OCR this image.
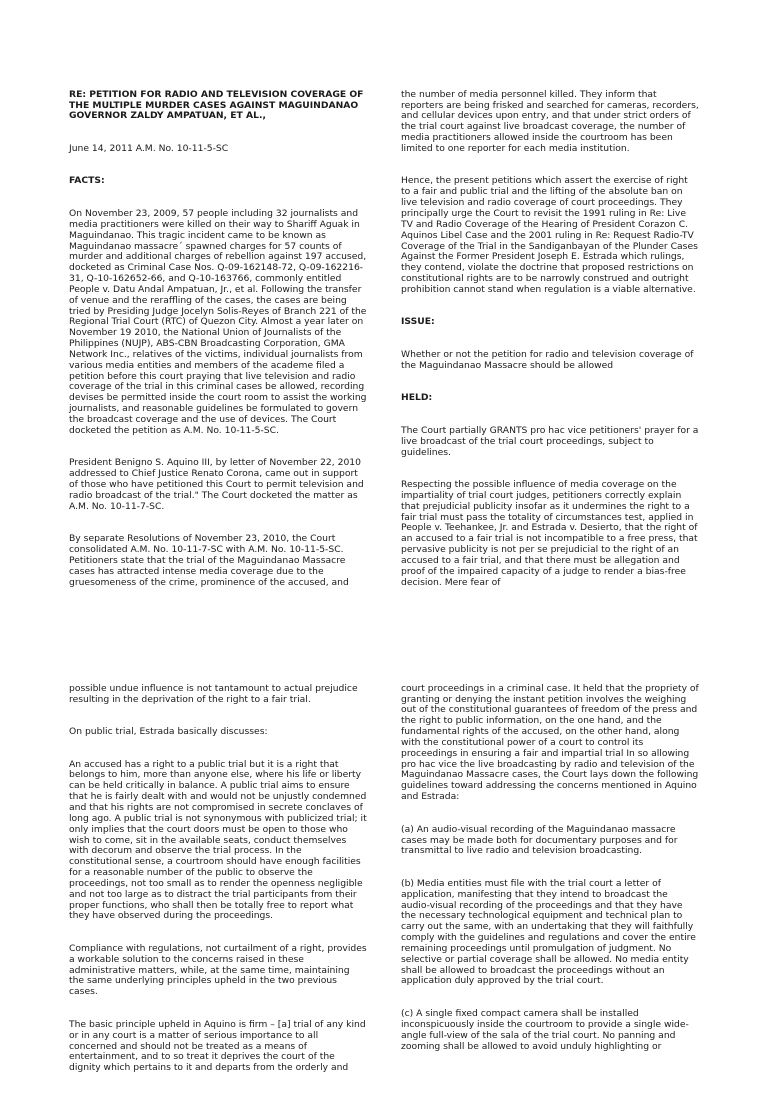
RE: PETITION FOR RADIO AND TELEVISION COVERAGE OF THE MULTIPLE MURDER CASES AGAINST MAGUINDANAO GOVERNOR ZALDY AMPATUAN, ET AL.,

June 14, 2011 A.M. No. 10-11-5-SC

FACTS:

On November 23, 2009, 57 people including 32 journalists and media practitioners were killed on their way to Shariff Aguak in Maguindanao. This tragic incident came to be known as Maguindanao massacre´ spawned charges for 57 counts of murder and additional charges of rebellion against 197 accused, docketed as Criminal Case Nos. Q-09-162148-72, Q-09-162216-31, Q-10-162652-66, and Q-10-163766, commonly entitled People v. Datu Andal Ampatuan, Jr., et al. Following the transfer of venue and the reraffling of the cases, the cases are being tried by Presiding Judge Jocelyn Solis-Reyes of Branch 221 of the Regional Trial Court (RTC) of Quezon City. Almost a year later on November 19 2010, the National Union of Journalists of the Philippines (NUJP), ABS-CBN Broadcasting Corporation, GMA Network Inc., relatives of the victims, individual journalists from various media entities and members of the academe filed a petition before this court praying that live television and radio coverage of the trial in this criminal cases be allowed, recording devises be permitted inside the court room to assist the working journalists, and reasonable guidelines be formulated to govern the broadcast coverage and the use of devices. The Court docketed the petition as A.M. No. 10-11-5-SC.

President Benigno S. Aquino III, by letter of November 22, 2010 addressed to Chief Justice Renato Corona, came out in support of those who have petitioned this Court to permit television and radio broadcast of the trial." The Court docketed the matter as A.M. No. 10-11-7-SC.

By separate Resolutions of November 23, 2010, the Court consolidated A.M. No. 10-11-7-SC with A.M. No. 10-11-5-SC. Petitioners state that the trial of the Maguindanao Massacre cases has attracted intense media coverage due to the gruesomeness of the crime, prominence of the accused, and

the number of media personnel killed. They inform that reporters are being frisked and searched for cameras, recorders, and cellular devices upon entry, and that under strict orders of the trial court against live broadcast coverage, the number of media practitioners allowed inside the courtroom has been limited to one reporter for each media institution.

Hence, the present petitions which assert the exercise of right to a fair and public trial and the lifting of the absolute ban on live television and radio coverage of court proceedings. They principally urge the Court to revisit the 1991 ruling in Re: Live TV and Radio Coverage of the Hearing of President Corazon C. Aquinos Libel Case and the 2001 ruling in Re: Request Radio-TV Coverage of the Trial in the Sandiganbayan of the Plunder Cases Against the Former President Joseph E. Estrada which rulings, they contend, violate the doctrine that proposed restrictions on constitutional rights are to be narrowly construed and outright prohibition cannot stand when regulation is a viable alternative.

ISSUE:

Whether or not the petition for radio and television coverage of the Maguindanao Massacre should be allowed

HELD:

The Court partially GRANTS pro hac vice petitioners' prayer for a live broadcast of the trial court proceedings, subject to guidelines.

Respecting the possible influence of media coverage on the impartiality of trial court judges, petitioners correctly explain that prejudicial publicity insofar as it undermines the right to a fair trial must pass the totality of circumstances test, applied in People v. Teehankee, Jr. and Estrada v. Desierto, that the right of an accused to a fair trial is not incompatible to a free press, that pervasive publicity is not per se prejudicial to the right of an accused to a fair trial, and that there must be allegation and proof of the impaired capacity of a judge to render a bias-free decision. Mere fear of

possible undue influence is not tantamount to actual prejudice resulting in the deprivation of the right to a fair trial.

On public trial, Estrada basically discusses:

An accused has a right to a public trial but it is a right that belongs to him, more than anyone else, where his life or liberty can be held critically in balance. A public trial aims to ensure that he is fairly dealt with and would not be unjustly condemned and that his rights are not compromised in secrete conclaves of long ago. A public trial is not synonymous with publicized trial; it only implies that the court doors must be open to those who wish to come, sit in the available seats, conduct themselves with decorum and observe the trial process. In the constitutional sense, a courtroom should have enough facilities for a reasonable number of the public to observe the proceedings, not too small as to render the openness negligible and not too large as to distract the trial participants from their proper functions, who shall then be totally free to report what they have observed during the proceedings.

Compliance with regulations, not curtailment of a right, provides a workable solution to the concerns raised in these administrative matters, while, at the same time, maintaining the same underlying principles upheld in the two previous cases.

The basic principle upheld in Aquino is firm – [a] trial of any kind or in any court is a matter of serious importance to all concerned and should not be treated as a means of entertainment, and to so treat it deprives the court of the dignity which pertains to it and departs from the orderly and

court proceedings in a criminal case. It held that the propriety of granting or denying the instant petition involves the weighing out of the constitutional guarantees of freedom of the press and the right to public information, on the one hand, and the fundamental rights of the accused, on the other hand, along with the constitutional power of a court to control its proceedings in ensuring a fair and impartial trial In so allowing pro hac vice the live broadcasting by radio and television of the Maguindanao Massacre cases, the Court lays down the following guidelines toward addressing the concerns mentioned in Aquino and Estrada:

(a) An audio-visual recording of the Maguindanao massacre cases may be made both for documentary purposes and for transmittal to live radio and television broadcasting.

(b) Media entities must file with the trial court a letter of application, manifesting that they intend to broadcast the audio-visual recording of the proceedings and that they have the necessary technological equipment and technical plan to carry out the same, with an undertaking that they will faithfully comply with the guidelines and regulations and cover the entire remaining proceedings until promulgation of judgment. No selective or partial coverage shall be allowed. No media entity shall be allowed to broadcast the proceedings without an application duly approved by the trial court.

(c) A single fixed compact camera shall be installed inconspicuously inside the courtroom to provide a single wide-angle full-view of the sala of the trial court. No panning and zooming shall be allowed to avoid unduly highlighting or
